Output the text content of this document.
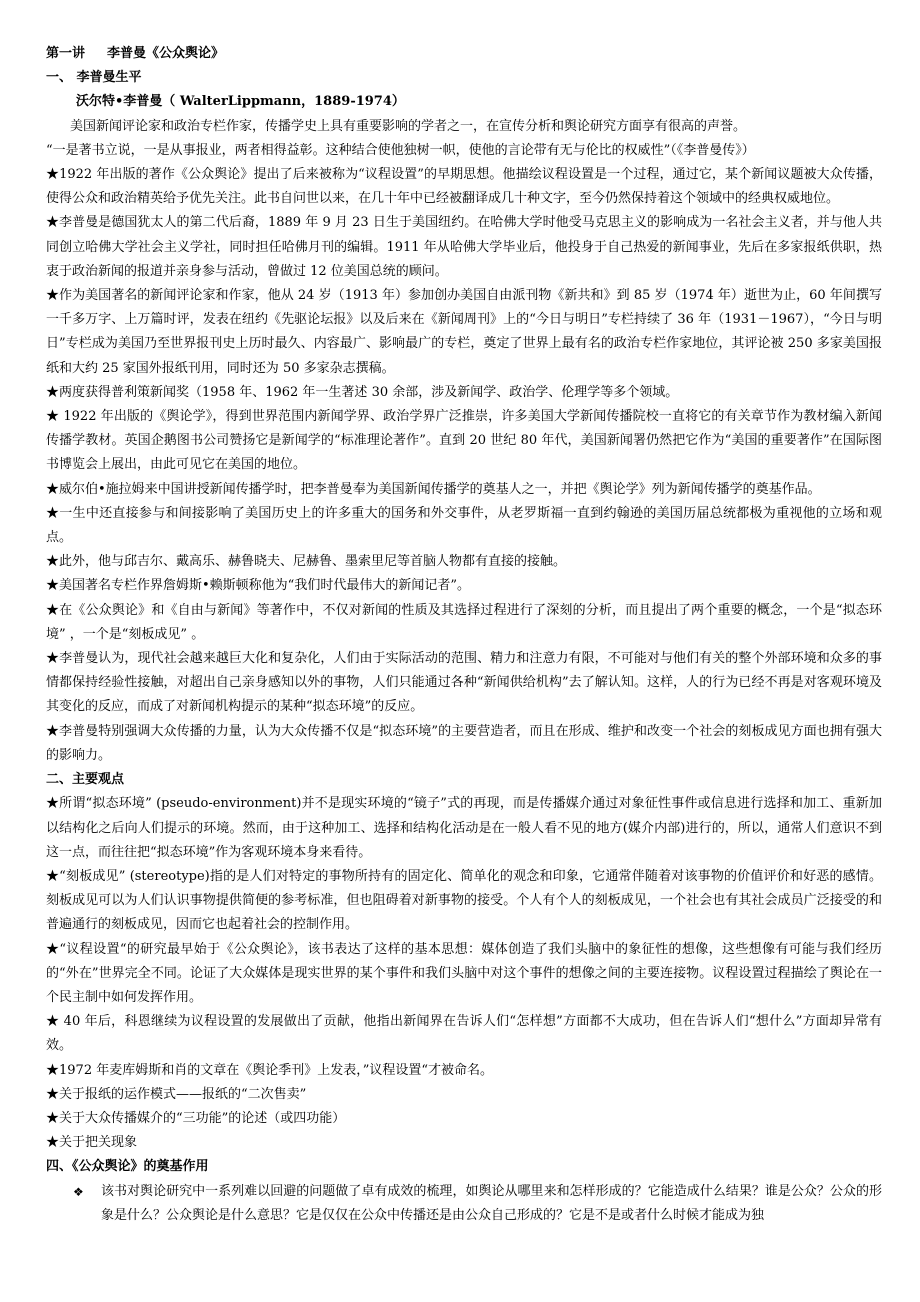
第一讲 李普曼《公众舆论》

一、 李普曼生平

沃尔特•李普曼（ WalterLippmann，1889-1974）

美国新闻评论家和政治专栏作家，传播学史上具有重要影响的学者之一，在宣传分析和舆论研究方面享有很高的声誉。

“一是著书立说，一是从事报业，两者相得益彰。这种结合使他独树一帜，使他的言论带有无与伦比的权威性”（《李普曼传》）

★1922 年出版的著作《公众舆论》提出了后来被称为“议程设置”的早期思想。他描绘议程设置是一个过程，通过它，某个新闻议题被大众传播，使得公众和政治精英给予优先关注。此书自问世以来，在几十年中已经被翻译成几十种文字，至今仍然保持着这个领域中的经典权威地位。

★李普曼是德国犹太人的第二代后裔，1889 年 9 月 23 日生于美国纽约。在哈佛大学时他受马克思主义的影响成为一名社会主义者，并与他人共同创立哈佛大学社会主义学社，同时担任哈佛月刊的编辑。1911 年从哈佛大学毕业后，他投身于自己热爱的新闻事业，先后在多家报纸供职，热衷于政治新闻的报道并亲身参与活动，曾做过 12 位美国总统的顾问。

★作为美国著名的新闻评论家和作家，他从 24 岁（1913 年）参加创办美国自由派刊物《新共和》到 85 岁（1974 年）逝世为止，60 年间撰写一千多万字、上万篇时评，发表在纽约《先驱论坛报》以及后来在《新闻周刊》上的“今日与明日”专栏持续了 36 年（1931－1967），“今日与明日”专栏成为美国乃至世界报刊史上历时最久、内容最广、影响最广的专栏，奠定了世界上最有名的政治专栏作家地位，其评论被 250 多家美国报纸和大约 25 家国外报纸刊用，同时还为 50 多家杂志撰稿。

★两度获得普利策新闻奖（1958 年、1962 年一生著述 30 余部，涉及新闻学、政治学、伦理学等多个领域。

★ 1922 年出版的《舆论学》，得到世界范围内新闻学界、政治学界广泛推崇，许多美国大学新闻传播院校一直将它的有关章节作为教材编入新闻传播学教材。英国企鹅图书公司赞扬它是新闻学的“标准理论著作”。直到 20 世纪 80 年代，美国新闻署仍然把它作为“美国的重要著作”在国际图书博览会上展出，由此可见它在美国的地位。

★威尔伯•施拉姆来中国讲授新闻传播学时，把李普曼奉为美国新闻传播学的奠基人之一，并把《舆论学》列为新闻传播学的奠基作品。

★一生中还直接参与和间接影响了美国历史上的许多重大的国务和外交事件，从老罗斯福一直到约翰逊的美国历届总统都极为重视他的立场和观点。

★此外，他与邱吉尔、戴高乐、赫鲁晓夫、尼赫鲁、墨索里尼等首脑人物都有直接的接触。

★美国著名专栏作界詹姆斯•赖斯顿称他为“我们时代最伟大的新闻记者”。

★在《公众舆论》和《自由与新闻》等著作中，不仅对新闻的性质及其选择过程进行了深刻的分析，而且提出了两个重要的概念，一个是“拟态环境” ，一个是“刻板成见” 。

★李普曼认为，现代社会越来越巨大化和复杂化，人们由于实际活动的范围、精力和注意力有限，不可能对与他们有关的整个外部环境和众多的事情都保持经验性接触，对超出自己亲身感知以外的事物，人们只能通过各种“新闻供给机构”去了解认知。这样，人的行为已经不再是对客观环境及其变化的反应，而成了对新闻机构提示的某种“拟态环境”的反应。

★李普曼特别强调大众传播的力量，认为大众传播不仅是“拟态环境”的主要营造者，而且在形成、维护和改变一个社会的刻板成见方面也拥有强大的影响力。

二、主要观点

★所谓“拟态环境” (pseudo-environment)并不是现实环境的“镜子”式的再现，而是传播媒介通过对象征性事件或信息进行选择和加工、重新加以结构化之后向人们提示的环境。然而，由于这种加工、选择和结构化活动是在一般人看不见的地方(媒介内部)进行的，所以，通常人们意识不到这一点，而往往把“拟态环境”作为客观环境本身来看待。

★“刻板成见” (stereotype)指的是人们对特定的事物所持有的固定化、简单化的观念和印象，它通常伴随着对该事物的价值评价和好恶的感情。刻板成见可以为人们认识事物提供简便的参考标准，但也阻碍着对新事物的接受。个人有个人的刻板成见，一个社会也有其社会成员广泛接受的和普遍通行的刻板成见，因而它也起着社会的控制作用。

★“议程设置“的研究最早始于《公众舆论》，该书表达了这样的基本思想：媒体创造了我们头脑中的象征性的想像，这些想像有可能与我们经历的“外在”世界完全不同。论证了大众媒体是现实世界的某个事件和我们头脑中对这个事件的想像之间的主要连接物。议程设置过程描绘了舆论在一个民主制中如何发挥作用。

★ 40 年后，科恩继续为议程设置的发展做出了贡献，他指出新闻界在告诉人们“怎样想”方面都不大成功，但在告诉人们“想什么”方面却异常有效。

★1972 年麦库姆斯和肖的文章在《舆论季刊》上发表，”议程设置“才被命名。

★关于报纸的运作模式——报纸的“二次售卖”

★关于大众传播媒介的“三功能”的论述（或四功能）

★关于把关现象

四、《公众舆论》的奠基作用

❖ 该书对舆论研究中一系列难以回避的问题做了卓有成效的梳理，如舆论从哪里来和怎样形成的？它能造成什么结果？谁是公众？公众的形象是什么？公众舆论是什么意思？它是仅仅在公众中传播还是由公众自己形成的？它是不是或者什么时候才能成为独
